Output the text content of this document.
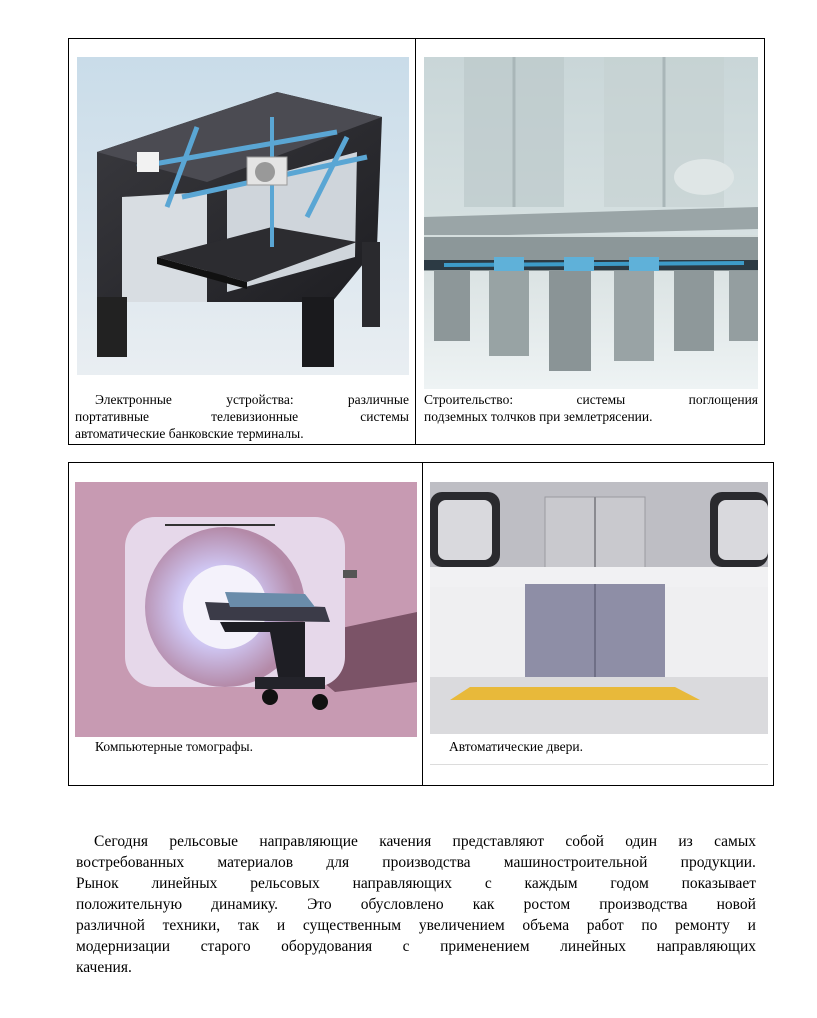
Электронные	устройства:	различные
портативные	телевизионные	системы
автоматические банковские терминалы.
Строительство:	системы	поглощения
подземных толчков при землетрясении.
Компьютерные томографы.	Автоматические двери.
Сегодня рельсовые направляющие качения представляют собой один из самых
востребованных материалов для производства машиностроительной продукции.
Рынок линейных рельсовых направляющих с каждым годом показывает
положительную динамику. Это обусловлено как ростом производства новой
различной техники, так и существенным увеличением объема работ по ремонту и
модернизации старого оборудования с применением линейных направляющих
качения.
